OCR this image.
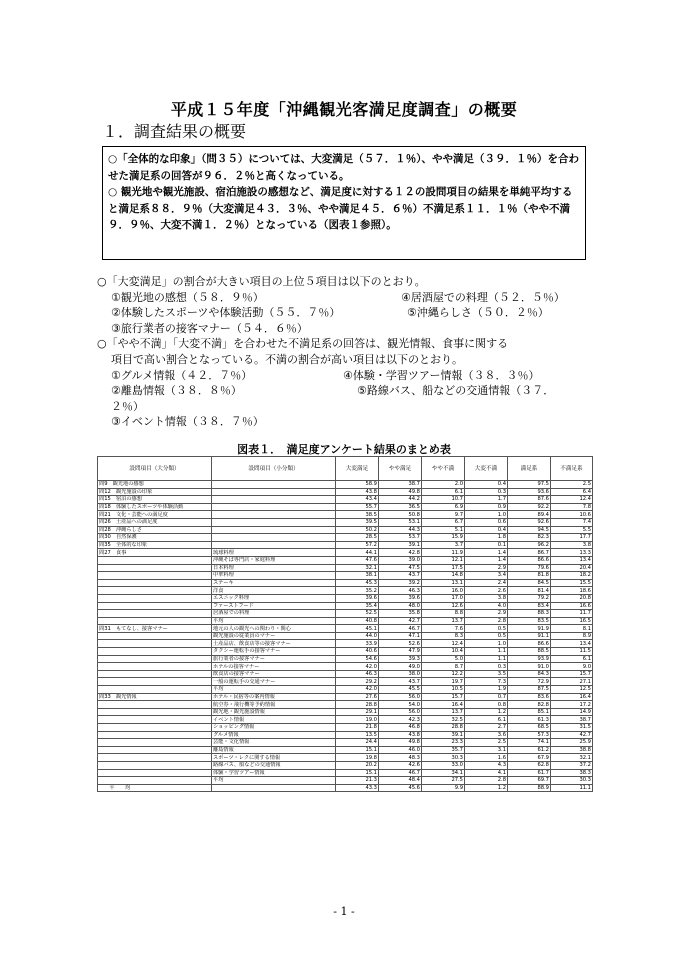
平成１５年度「沖縄観光客満足度調査」の概要
１．調査結果の概要

○「全体的な印象」（問３５）については、大変満足（５７．１％）、やや満足（３９．１％）を合わせた満足系の回答が９６．２％と高くなっている。

○ 観光地や観光施設、宿泊施設の感想など、満足度に対する１２の設問項目の結果を単純平均すると満足系８８．９％（大変満足４３．３％、やや満足４５．６％）不満足系１１．１％（やや不満９．９％、大変不満１．２％）となっている（図表１参照）。

○「大変満足」の割合が大きい項目の上位５項目は以下のとおり。
①観光地の感想（５８．９％）	④居酒屋での料理（５２．５％）
②体験したスポーツや体験活動（５５．７％）	⑤沖縄らしさ（５０．２％）
③旅行業者の接客マナー（５４．６％）
○「やや不満」「大変不満」を合わせた不満足系の回答は、観光情報、食事に関する
項目で高い割合となっている。不満の割合が高い項目は以下のとおり。
①グルメ情報（４２．７％）	④体験・学習ツアー情報（３８．３％）
②離島情報（３８．８％）	⑤路線バス、船などの交通情報（３７．
２％）
③イベント情報（３８．７％）
図表１．　満足度アンケート結果のまとめ表
設問項目（大分類）	設問項目（小分類）	大変満足	やや満足	やや不満	大変不満	満足系	不満足系
問9　観光地の感想		58.9	38.7	2.0	0.4	97.5	2.5
問12　観光施設の印象		43.8	49.8	6.1	0.3	93.6	6.4
問15　宿泊の感想		43.4	44.2	10.7	1.7	87.6	12.4
問18　体験したスポーツや体験活動		55.7	36.5	6.9	0.9	92.2	7.8
問21　文化・芸能への満足度		38.5	50.8	9.7	1.0	89.4	10.6
問26　土産品への満足度		39.5	53.1	6.7	0.6	92.6	7.4
問28　沖縄らしさ		50.2	44.3	5.1	0.4	94.5	5.5
問30　自然保護		28.5	53.7	15.9	1.8	82.3	17.7
問35　全体的な印象		57.2	39.1	3.7	0.1	96.2	3.8
問27　食事	琉球料理	44.1	42.8	11.9	1.4	86.7	13.3
	沖縄そば専門店・家庭料理	47.6	39.0	12.1	1.4	86.6	13.4
	日本料理	32.1	47.5	17.5	2.9	79.6	20.4
	中華料理	38.1	43.7	14.8	3.4	81.8	18.2
	ステーキ	45.3	39.2	13.1	2.4	84.5	15.5
	洋食	35.2	46.3	16.0	2.6	81.4	18.6
	エスニック料理	39.6	39.6	17.0	3.8	79.2	20.8
	ファーストフード	35.4	48.0	12.6	4.0	83.4	16.6
	居酒屋での料理	52.5	35.8	8.8	2.9	88.3	11.7
	平均	40.8	42.7	13.7	2.8	83.5	16.5
問31　もてなし、接客マナー	地元の人の観光への関わり・関心	45.1	46.7	7.6	0.5	91.9	8.1
	観光施設の従業員のマナー	44.0	47.1	8.3	0.5	91.1	8.9
	土産品店、飲食店等の接客マナー	33.9	52.6	12.4	1.0	86.6	13.4
	タクシー運転手の接客マナー	40.6	47.9	10.4	1.1	88.5	11.5
	旅行業者の接客マナー	54.6	39.3	5.0	1.1	93.9	6.1
	ホテルの接客マナー	42.0	49.0	8.7	0.3	91.0	9.0
	飲食店の接客マナー	46.3	38.0	12.2	3.5	84.3	15.7
	一般の運転手の交通マナー	29.2	43.7	19.7	7.3	72.9	27.1
	平均	42.0	45.5	10.5	1.9	87.5	12.5
問33　観光情報	ホテル・民宿等の案内情報	27.6	56.0	15.7	0.7	83.6	16.4
	航空券・飛行機等予約情報	28.8	54.0	16.4	0.8	82.8	17.2
	観光地・観光施設情報	29.1	56.0	13.7	1.2	85.1	14.9
	イベント情報	19.0	42.3	32.5	6.1	61.3	38.7
	ショッピング情報	21.8	46.8	28.8	2.7	68.5	31.5
	グルメ情報	13.5	43.8	39.1	3.6	57.3	42.7
	芸能・文化情報	24.4	49.8	23.3	2.5	74.1	25.9
	離島情報	15.1	46.0	35.7	3.1	61.2	38.8
	スポーツ・レクに関する情報	19.8	48.3	30.3	1.6	67.9	32.1
	路線バス、船などの交通情報	20.2	42.6	33.0	4.3	62.8	37.2
	体験・学習ツアー情報	15.1	46.7	34.1	4.1	61.7	38.3
	平均	21.3	48.4	27.5	2.8	69.7	30.3
　　平　　均		43.3	45.6	9.9	1.2	88.9	11.1
- 1 -
